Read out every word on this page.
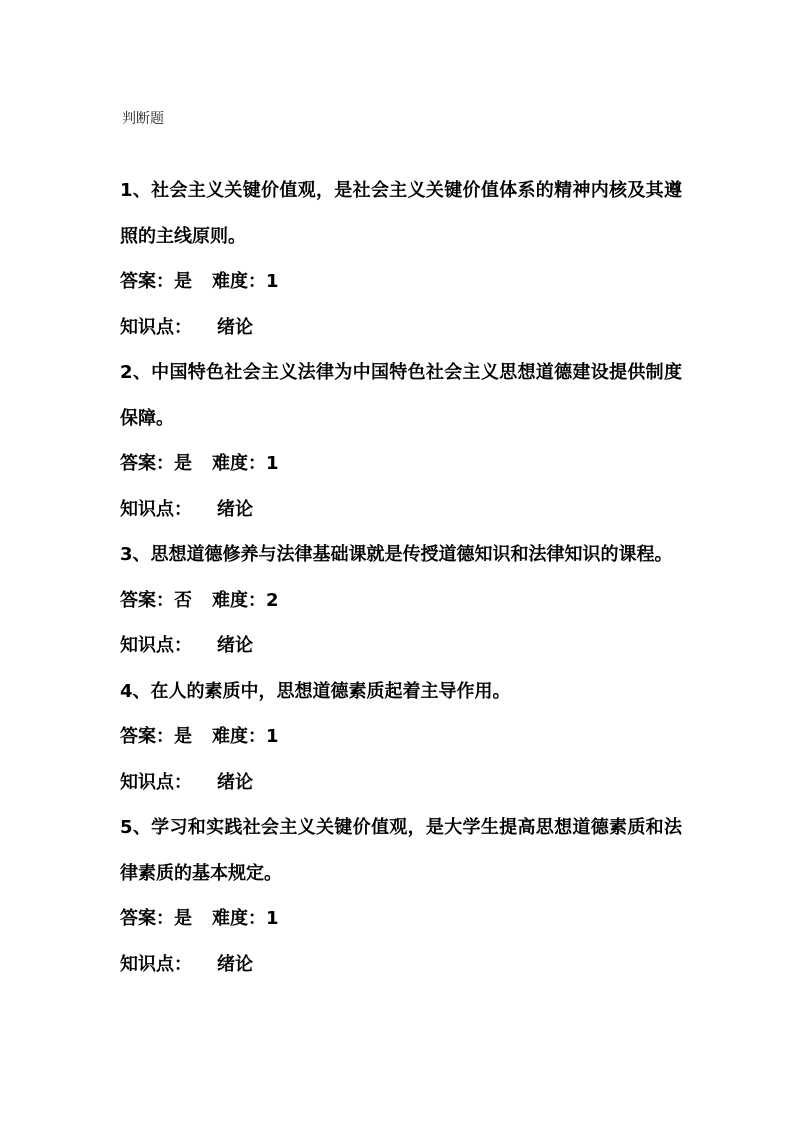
判断题

1、社会主义关键价值观，是社会主义关键价值体系的精神内核及其遵照的主线原则。

答案：是 难度：1
知识点： 绪论

2、中国特色社会主义法律为中国特色社会主义思想道德建设提供制度保障。

答案：是 难度：1
知识点： 绪论

3、思想道德修养与法律基础课就是传授道德知识和法律知识的课程。

答案：否 难度：2
知识点： 绪论

4、在人的素质中，思想道德素质起着主导作用。

答案：是 难度：1
知识点： 绪论

5、学习和实践社会主义关键价值观，是大学生提高思想道德素质和法律素质的基本规定。

答案：是 难度：1
知识点： 绪论
